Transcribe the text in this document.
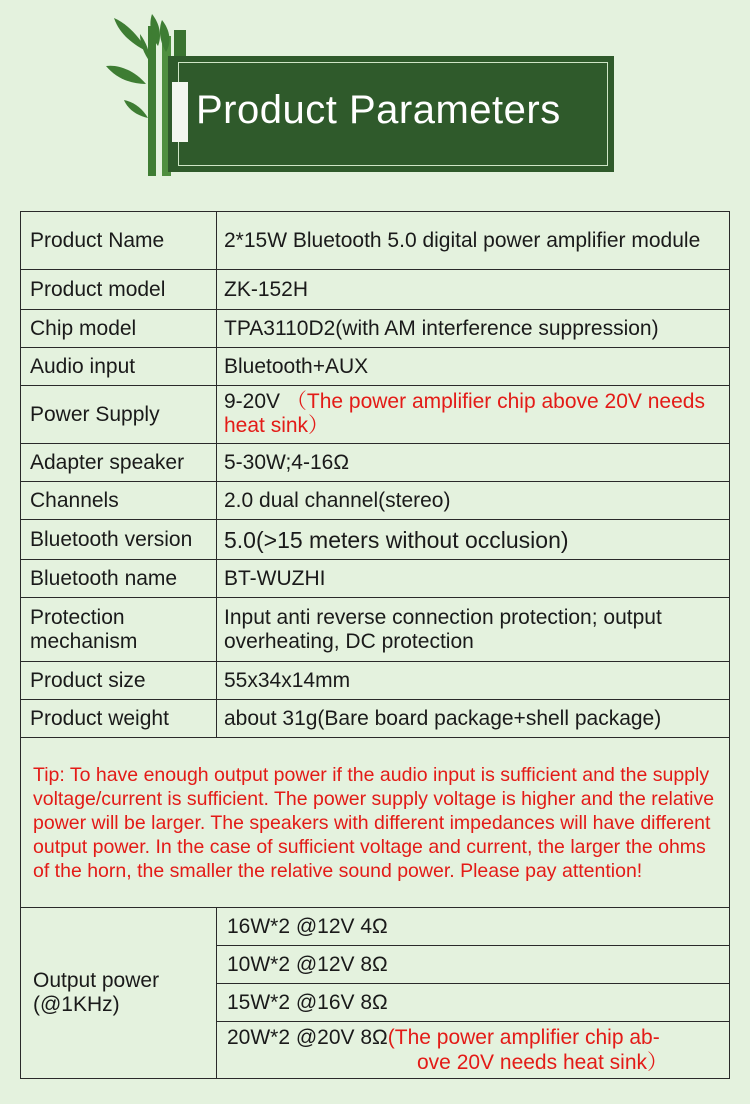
Product Parameters
Product Name	2*15W Bluetooth 5.0 digital power amplifier module
Product model	ZK-152H
Chip model	TPA3110D2(with AM interference suppression)
Audio input	Bluetooth+AUX
Power Supply	9-20V （The power amplifier chip above 20V needs heat sink）
Adapter speaker	5-30W;4-16Ω
Channels	2.0 dual channel(stereo)
Bluetooth version	5.0(>15 meters without occlusion)
Bluetooth name	BT-WUZHI
Protection mechanism	Input anti reverse connection protection; output overheating, DC protection
Product size	55x34x14mm
Product weight	about 31g(Bare board package+shell package)
Tip: To have enough output power if the audio input is sufficient and the supply voltage/current is sufficient. The power supply voltage is higher and the relative power will be larger. The speakers with different impedances will have different output power. In the case of sufficient voltage and current, the larger the ohms of the horn, the smaller the relative sound power. Please pay attention!
Output power
(@1KHz)	
16W*2 @12V 4Ω
10W*2 @12V 8Ω
15W*2 @16V 8Ω
20W*2 @20V 8Ω(The power amplifier chip ab-
ove 20V needs heat sink）
